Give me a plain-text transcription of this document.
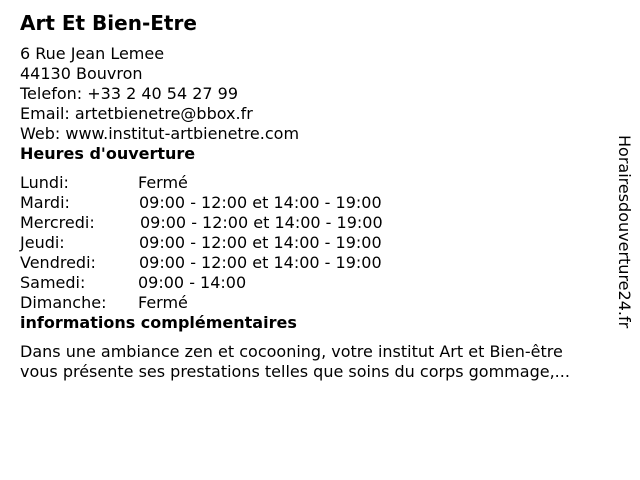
Art Et Bien-Etre
6 Rue Jean Lemee
44130 Bouvron
Telefon: +33 2 40 54 27 99
Email: artetbienetre@bbox.fr
Web: www.institut-artbienetre.com
Heures d'ouverture
Lundi:	Fermé
Mardi:	09:00 - 12:00 et 14:00 - 19:00
Mercredi:	09:00 - 12:00 et 14:00 - 19:00
Jeudi:	09:00 - 12:00 et 14:00 - 19:00
Vendredi:	09:00 - 12:00 et 14:00 - 19:00
Samedi:	09:00 - 14:00
Dimanche: Fermé
informations complémentaires
Dans une ambiance zen et cocooning, votre institut Art et Bien-être
vous présente ses prestations telles que soins du corps gommage,...
Horairesdouverture24.fr
